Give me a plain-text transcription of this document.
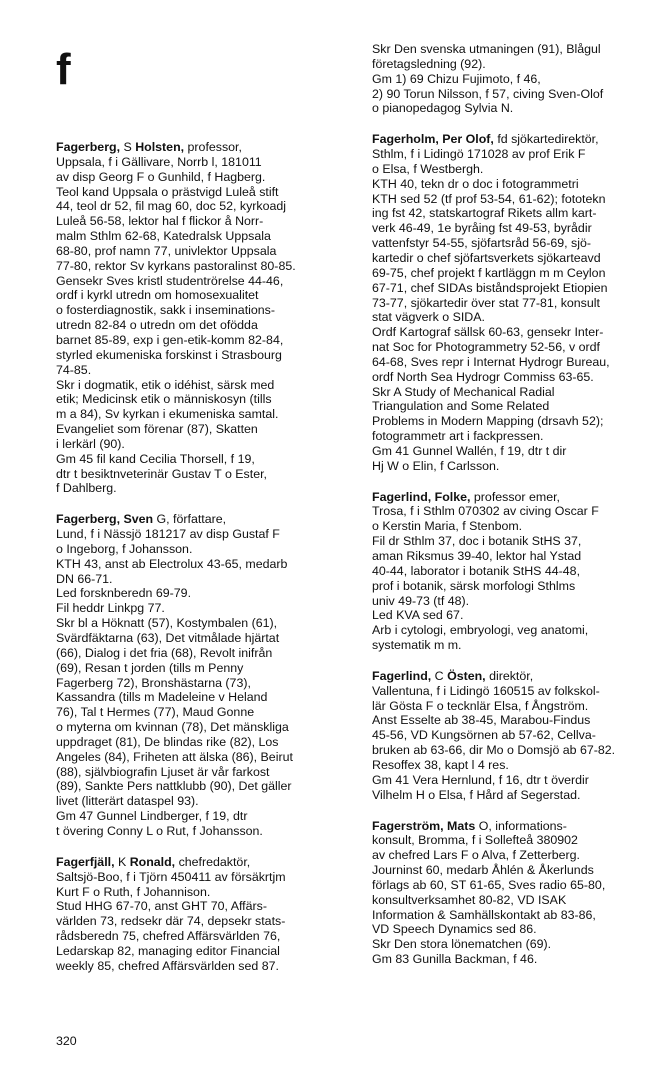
f
Fagerberg, S Holsten, professor,
Uppsala, f i Gällivare, Norrb l, 181011
av disp Georg F o Gunhild, f Hagberg.
Teol kand Uppsala o prästvigd Luleå stift
44, teol dr 52, fil mag 60, doc 52, kyrkoadj
Luleå 56-58, lektor hal f flickor å Norr-
malm Sthlm 62-68, Katedralsk Uppsala
68-80, prof namn 77, univlektor Uppsala
77-80, rektor Sv kyrkans pastoralinst 80-85.
Gensekr Sves kristl studentrörelse 44-46,
ordf i kyrkl utredn om homosexualitet
o fosterdiagnostik, sakk i inseminations-
utredn 82-84 o utredn om det ofödda
barnet 85-89, exp i gen-etik-komm 82-84,
styrled ekumeniska forskinst i Strasbourg
74-85.
Skr i dogmatik, etik o idéhist, särsk med
etik; Medicinsk etik o människosyn (tills
m a 84), Sv kyrkan i ekumeniska samtal.
Evangeliet som förenar (87), Skatten
i lerkärl (90).
Gm 45 fil kand Cecilia Thorsell, f 19,
dtr t besiktnveterinär Gustav T o Ester,
f Dahlberg.
Fagerberg, Sven G, författare,
Lund, f i Nässjö 181217 av disp Gustaf F
o Ingeborg, f Johansson.
KTH 43, anst ab Electrolux 43-65, medarb
DN 66-71.
Led forsknberedn 69-79.
Fil heddr Linkpg 77.
Skr bl a Höknatt (57), Kostymbalen (61),
Svärdfäktarna (63), Det vitmålade hjärtat
(66), Dialog i det fria (68), Revolt inifrån
(69), Resan t jorden (tills m Penny
Fagerberg 72), Bronshästarna (73),
Kassandra (tills m Madeleine v Heland
76), Tal t Hermes (77), Maud Gonne
o myterna om kvinnan (78), Det mänskliga
uppdraget (81), De blindas rike (82), Los
Angeles (84), Friheten att älska (86), Beirut
(88), självbiografin Ljuset är vår farkost
(89), Sankte Pers nattklubb (90), Det gäller
livet (litterärt dataspel 93).
Gm 47 Gunnel Lindberger, f 19, dtr
t övering Conny L o Rut, f Johansson.
Fagerfjäll, K Ronald, chefredaktör,
Saltsjö-Boo, f i Tjörn 450411 av försäkrtjm
Kurt F o Ruth, f Johannison.
Stud HHG 67-70, anst GHT 70, Affärs-
världen 73, redsekr där 74, depsekr stats-
rådsberedn 75, chefred Affärsvärlden 76,
Ledarskap 82, managing editor Financial
weekly 85, chefred Affärsvärlden sed 87.
Skr Den svenska utmaningen (91), Blågul
företagsledning (92).
Gm 1) 69 Chizu Fujimoto, f 46,
2) 90 Torun Nilsson, f 57, civing Sven-Olof
o pianopedagog Sylvia N.
Fagerholm, Per Olof, fd sjökartedirektör,
Sthlm, f i Lidingö 171028 av prof Erik F
o Elsa, f Westbergh.
KTH 40, tekn dr o doc i fotogrammetri
KTH sed 52 (tf prof 53-54, 61-62); fototekn
ing fst 42, statskartograf Rikets allm kart-
verk 46-49, 1e byråing fst 49-53, byrådir
vattenfstyr 54-55, sjöfartsråd 56-69, sjö-
kartedir o chef sjöfartsverkets sjökarteavd
69-75, chef projekt f kartläggn m m Ceylon
67-71, chef SIDAs biståndsprojekt Etiopien
73-77, sjökartedir över stat 77-81, konsult
stat vägverk o SIDA.
Ordf Kartograf sällsk 60-63, gensekr Inter-
nat Soc for Photogrammetry 52-56, v ordf
64-68, Sves repr i Internat Hydrogr Bureau,
ordf North Sea Hydrogr Commiss 63-65.
Skr A Study of Mechanical Radial
Triangulation and Some Related
Problems in Modern Mapping (drsavh 52);
fotogrammetr art i fackpressen.
Gm 41 Gunnel Wallén, f 19, dtr t dir
Hj W o Elin, f Carlsson.
Fagerlind, Folke, professor emer,
Trosa, f i Sthlm 070302 av civing Oscar F
o Kerstin Maria, f Stenbom.
Fil dr Sthlm 37, doc i botanik StHS 37,
aman Riksmus 39-40, lektor hal Ystad
40-44, laborator i botanik StHS 44-48,
prof i botanik, särsk morfologi Sthlms
univ 49-73 (tf 48).
Led KVA sed 67.
Arb i cytologi, embryologi, veg anatomi,
systematik m m.
Fagerlind, C Östen, direktör,
Vallentuna, f i Lidingö 160515 av folkskol-
lär Gösta F o tecknlär Elsa, f Ångström.
Anst Esselte ab 38-45, Marabou-Findus
45-56, VD Kungsörnen ab 57-62, Cellva-
bruken ab 63-66, dir Mo o Domsjö ab 67-82.
Resoffex 38, kapt l 4 res.
Gm 41 Vera Hernlund, f 16, dtr t överdir
Vilhelm H o Elsa, f Hård af Segerstad.
Fagerström, Mats O, informations-
konsult, Bromma, f i Sollefteå 380902
av chefred Lars F o Alva, f Zetterberg.
Journinst 60, medarb Åhlén & Åkerlunds
förlags ab 60, ST 61-65, Sves radio 65-80,
konsultverksamhet 80-82, VD ISAK
Information & Samhällskontakt ab 83-86,
VD Speech Dynamics sed 86.
Skr Den stora lönematchen (69).
Gm 83 Gunilla Backman, f 46.
320
